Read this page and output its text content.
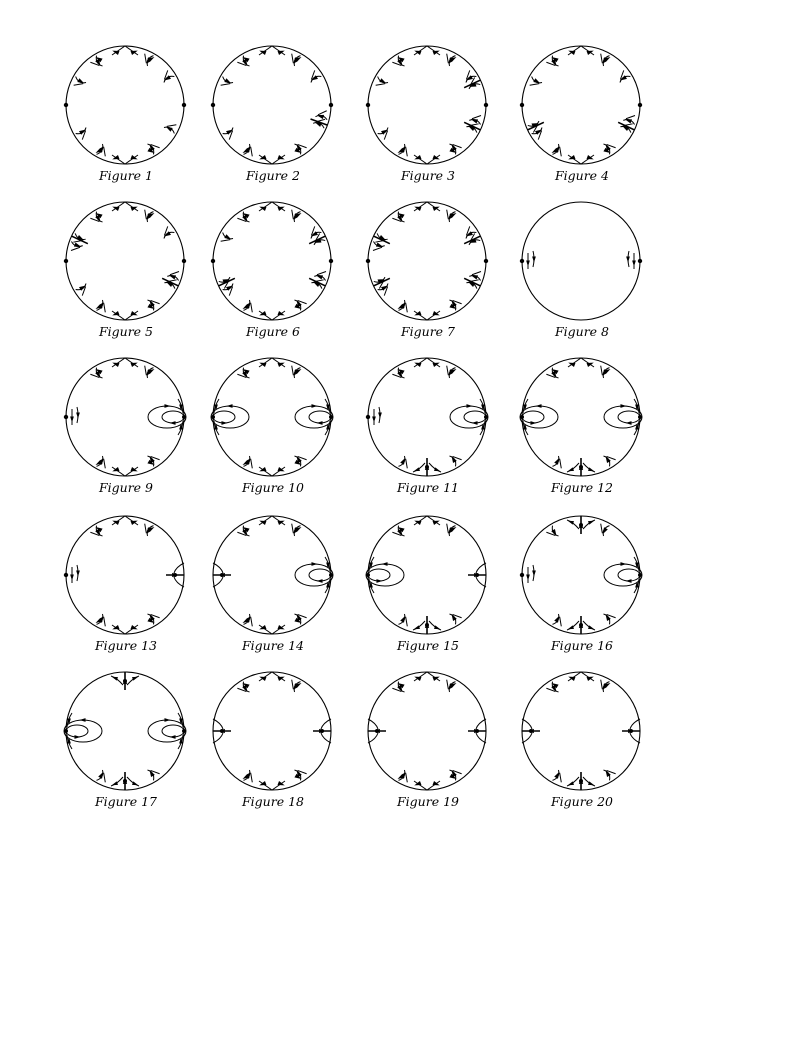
Figure 1	Figure 2	Figure 3	Figure 4
Figure 5	Figure 6	Figure 7	Figure 8
Figure 9	Figure 10	Figure 11	Figure 12
Figure 13	Figure 14	Figure 15	Figure 16
Figure 17	Figure 18	Figure 19	Figure 20
